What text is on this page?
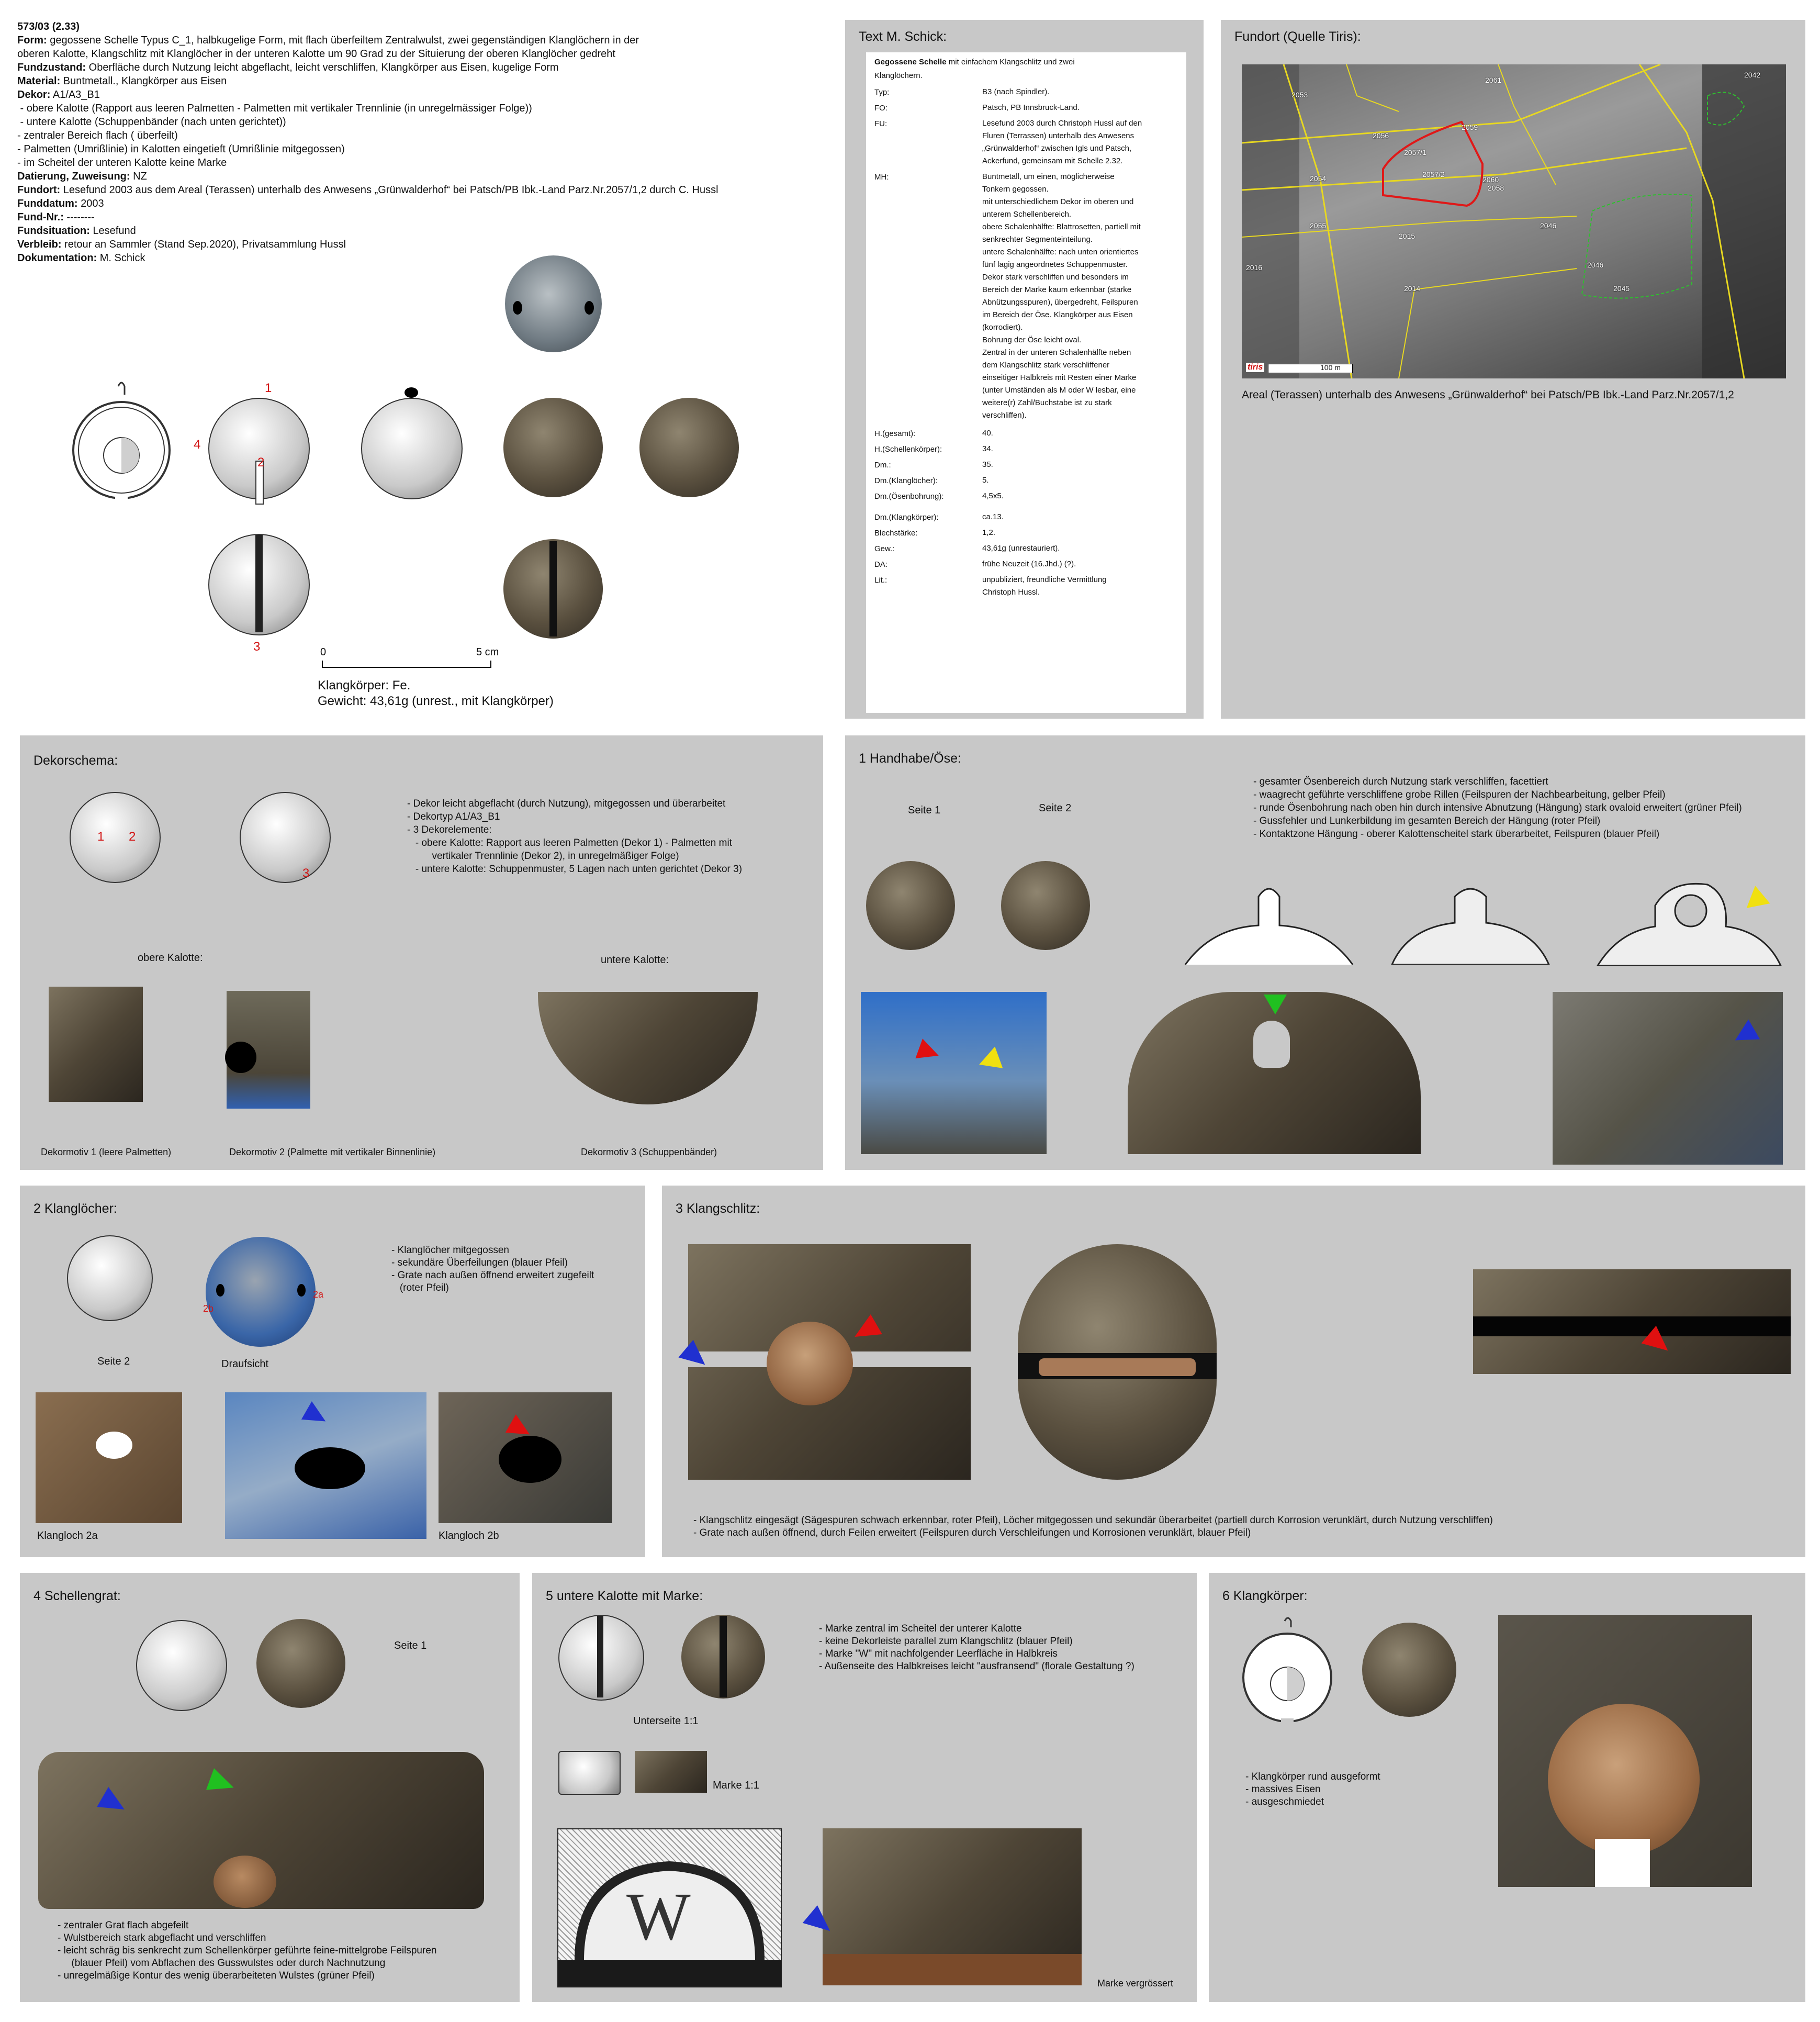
573/03 (2.33)
Form: gegossene Schelle Typus C_1, halbkugelige Form, mit flach überfeiltem Zentralwulst, zwei gegenständigen Klanglöchern in der
oberen Kalotte, Klangschlitz mit Klanglöcher in der unteren Kalotte um 90 Grad zu der Situierung der oberen Klanglöcher gedreht
Fundzustand: Oberfläche durch Nutzung leicht abgeflacht, leicht verschliffen, Klangkörper aus Eisen, kugelige Form
Material: Buntmetall., Klangkörper aus Eisen
Dekor: A1/A3_B1
- obere Kalotte (Rapport aus leeren Palmetten - Palmetten mit vertikaler Trennlinie (in unregelmässiger Folge))
- untere Kalotte (Schuppenbänder (nach unten gerichtet))
- zentraler Bereich flach ( überfeilt)
- Palmetten (Umrißlinie) in Kalotten eingetieft (Umrißlinie mitgegossen)
- im Scheitel der unteren Kalotte keine Marke
Datierung, Zuweisung: NZ
Fundort: Lesefund 2003 aus dem Areal (Terassen) unterhalb des Anwesens „Grünwalderhof“ bei Patsch/PB Ibk.-Land Parz.Nr.2057/1,2 durch C. Hussl
Funddatum: 2003
Fund-Nr.: --------
Fundsituation: Lesefund
Verbleib: retour an Sammler (Stand Sep.2020), Privatsammlung Hussl
Dokumentation: M. Schick
1
2
3
4
0	5 cm
Klangkörper: Fe.
Gewicht: 43,61g (unrest., mit Klangkörper)
Text M. Schick:
Gegossene Schelle mit einfachem Klangschlitz und zwei
Klanglöchern.
Typ:	B3 (nach Spindler).
FO:	Patsch, PB Innsbruck-Land.
FU:	Lesefund 2003 durch Christoph Hussl auf den
Fluren (Terrassen) unterhalb des Anwesens
„Grünwalderhof“ zwischen Igls und Patsch,
Ackerfund, gemeinsam mit Schelle 2.32.
MH:	Buntmetall, um einen, möglicherweise
Tonkern gegossen.
mit unterschiedlichem Dekor im oberen und
unterem Schellenbereich.
obere Schalenhälfte: Blattrosetten, partiell mit
senkrechter Segmenteinteilung.
untere Schalenhälfte: nach unten orientiertes
fünf lagig angeordnetes Schuppenmuster.
Dekor stark verschliffen und besonders im
Bereich der Marke kaum erkennbar (starke
Abnützungsspuren), übergedreht, Feilspuren
im Bereich der Öse. Klangkörper aus Eisen
(korrodiert).
Bohrung der Öse leicht oval.
Zentral in der unteren Schalenhälfte neben
dem Klangschlitz stark verschliffener
einseitiger Halbkreis mit Resten einer Marke
(unter Umständen als M oder W lesbar, eine
weitere(r) Zahl/Buchstabe ist zu stark
verschliffen).
H.(gesamt):	40.
H.(Schellenkörper):	34.
Dm.:	35.
Dm.(Klanglöcher):	5.
Dm.(Ösenbohrung):	4,5x5.
Dm.(Klangkörper):	ca.13.
Blechstärke:	1,2.
Gew.:	43,61g (unrestauriert).
DA:	frühe Neuzeit (16.Jhd.) (?).
Lit.:	unpubliziert, freundliche Vermittlung
Christoph Hussl.
Fundort (Quelle Tiris):
2053
2061
2042
2056
2059
2057/1
2057/2
2054	2060
2058
2055	2046
2015
2016
2014	2045
2046
tiris	100 m
Areal (Terassen) unterhalb des Anwesens „Grünwalderhof“ bei Patsch/PB Ibk.-Land Parz.Nr.2057/1,2
Dekorschema:
1 2
3
- Dekor leicht abgeflacht (durch Nutzung), mitgegossen und überarbeitet
- Dekortyp A1/A3_B1
- 3 Dekorelemente:
- obere Kalotte: Rapport aus leeren Palmetten (Dekor 1) - Palmetten mit
vertikaler Trennlinie (Dekor 2), in unregelmäßiger Folge)
- untere Kalotte: Schuppenmuster, 5 Lagen nach unten gerichtet (Dekor 3)
obere Kalotte:	untere Kalotte:
Dekormotiv 1 (leere Palmetten)	Dekormotiv 2 (Palmette mit vertikaler Binnenlinie)	Dekormotiv 3 (Schuppenbänder)
1 Handhabe/Öse:
Seite 1	Seite 2
- gesamter Ösenbereich durch Nutzung stark verschliffen, facettiert
- waagrecht geführte verschliffene grobe Rillen (Feilspuren der Nachbearbeitung, gelber Pfeil)
- runde Ösenbohrung nach oben hin durch intensive Abnutzung (Hängung) stark ovaloid erweitert (grüner Pfeil)
- Gussfehler und Lunkerbildung im gesamten Bereich der Hängung (roter Pfeil)
- Kontaktzone Hängung - oberer Kalottenscheitel stark überarbeitet, Feilspuren (blauer Pfeil)
2 Klanglöcher:
2a
2b
- Klanglöcher mitgegossen
- sekundäre Überfeilungen (blauer Pfeil)
- Grate nach außen öffnend erweitert zugefeilt
(roter Pfeil)
Seite 2	Draufsicht
Klangloch 2a	Klangloch 2b
3 Klangschlitz:
- Klangschlitz eingesägt (Sägespuren schwach erkennbar, roter Pfeil), Löcher mitgegossen und sekundär überarbeitet (partiell durch Korrosion verunklärt, durch Nutzung verschliffen)
- Grate nach außen öffnend, durch Feilen erweitert (Feilspuren durch Verschleifungen und Korrosionen verunklärt, blauer Pfeil)
4 Schellengrat:
Seite 1
- zentraler Grat flach abgefeilt
- Wulstbereich stark abgeflacht und verschliffen
- leicht schräg bis senkrecht zum Schellenkörper geführte feine-mittelgrobe Feilspuren
(blauer Pfeil) vom Abflachen des Gusswulstes oder durch Nachnutzung
- unregelmäßige Kontur des wenig überarbeiteten Wulstes (grüner Pfeil)
5 untere Kalotte mit Marke:
- Marke zentral im Scheitel der unterer Kalotte
- keine Dekorleiste parallel zum Klangschlitz (blauer Pfeil)
- Marke "W" mit nachfolgender Leerfläche in Halbkreis
- Außenseite des Halbkreises leicht "ausfransend" (florale Gestaltung ?)
Unterseite 1:1
Marke 1:1
W
Marke vergrössert
6 Klangkörper:
- Klangkörper rund ausgeformt
- massives Eisen
- ausgeschmiedet
